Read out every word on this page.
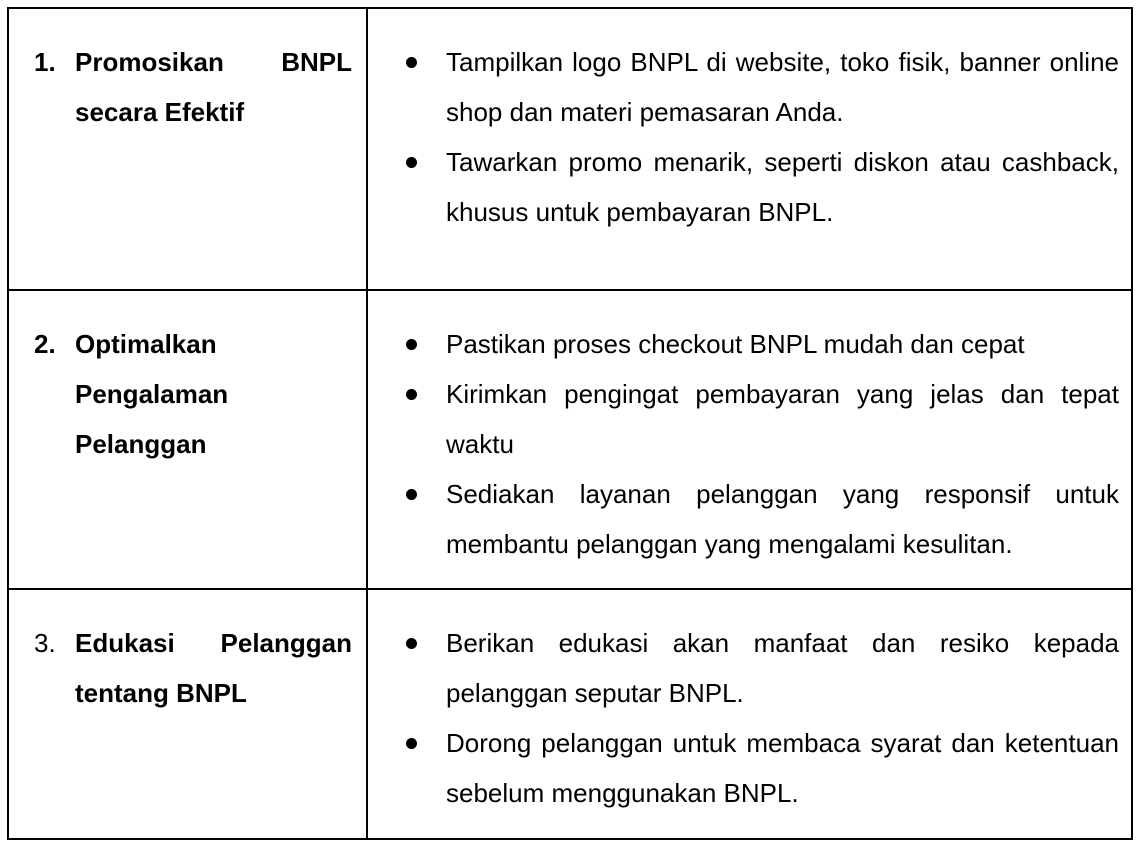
1. Promosikan BNPL secara Efektif
Tampilkan logo BNPL di website, toko fisik, banner online shop dan materi pemasaran Anda.
Tawarkan promo menarik, seperti diskon atau cashback, khusus untuk pembayaran BNPL.
2. Optimalkan Pengalaman Pelanggan
Pastikan proses checkout BNPL mudah dan cepat
Kirimkan pengingat pembayaran yang jelas dan tepat waktu
Sediakan layanan pelanggan yang responsif untuk membantu pelanggan yang mengalami kesulitan.
3. Edukasi Pelanggan tentang BNPL
Berikan edukasi akan manfaat dan resiko kepada pelanggan seputar BNPL.
Dorong pelanggan untuk membaca syarat dan ketentuan sebelum menggunakan BNPL.
